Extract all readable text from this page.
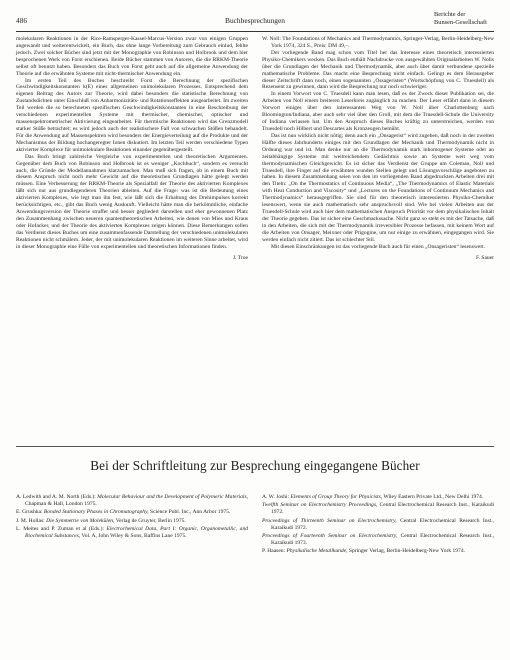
486	Buchbesprechungen
Berichte der
Bunsen-Gesellschaft

molekularen Reaktionen in der Rice-Ramsperger-Kassel-Marcus-Version zwar von einigen Gruppen angewandt und weiterentwickelt, ein Buch, das ohne lange Vorbereitung zum Gebrauch einlud, fehlte jedoch. Zwei solcher Bücher sind jetzt mit der Monographie von Robinson und Holbrook und dem hier besprochenen Werk von Forst erschienen. Beide Bücher stammen von Autoren, die die RRKM-Theorie selbst oft benutzt haben. Besonders das Buch von Forst geht auch auf die allgemeine Anwendung der Theorie auf die erwähnten Systeme mit nicht-thermischer Anwendung ein.

Im ersten Teil des Buches beschreibt Forst die Berechnung der spezifischen Geschwindigkeitskonstanten k(E) eines allgemeinen unimolekularen Prozesses. Entsprechend dem eigenen Beitrag des Autors zur Theorie, wird dabei besonders die statistische Berechnung von Zustandsdichten unter Einschluß von Anharmonizitäts- und Rotationseffekten ausgearbeitet. Im zweiten Teil werden die so berechneten spezifischen Geschwindigkeitskonstanten in eine Beschreibung der verschiedenen experimentellen Systeme mit thermischer, chemischer, optischer und massenspektrometrischer Aktivierung eingearbeitet. Für thermische Reaktionen wird das Grenzmodell starker Stöße betrachtet; es wird jedoch auch der realistischere Fall von schwachen Stößen behandelt. Für die Anwendung auf Massenspektren wird besonders der Energieverteilung auf die Produkte und der Mechanismus der Bildung hochangeregter Ionen diskutiert. Im letzten Teil werden verschiedene Typen aktivierter Komplexe für unimolekulare Reaktionen einander gegenübergestellt.

Das Buch bringt zahlreiche Vergleiche von experimentellen und theoretischen Argumenten. Gegenüber dem Buch von Robinson und Holbrook ist es weniger „Kochbuch“, sondern es versucht auch, die Gründe der Modellannahmen klarzumachen. Man muß sich fragen, ob in einem Buch mit diesem Anspruch nicht noch mehr Gewicht auf die theoretischen Grundlagen hätte gelegt werden müssen. Eine Verbesserung der RRKM-Theorie als Spezialfall der Theorie des aktivierten Komplexes läßt sich nur aus grundlegenderen Theorien ableiten. Auf die Frage: was ist die Bedeutung eines aktivierten Komplexes, wie legt man ihn fest, wie läßt sich die Erhaltung des Drehimpulses korrekt berücksichtigen, etc., gibt das Buch wenig Auskunft. Vielleicht hätte man die herkömmliche, einfache Anwendungsversion der Theorie straffer und besser gegliedert darstellen und eher gewonnenen Platz den Zusammenhang zwischen neueren quantentheoretischen Arbeiten, wie denen von Mies und Kraus oder Hofacker, und der Theorie des aktivierten Komplexes zeigen können. Diese Bemerkungen sollen das Verdienst dieses Buches um eine zusammenfassende Darstellung der verschiedenen unimolekularen Reaktionen nicht schmälern. Jeder, der mit unimolekularen Reaktionen im weiteren Sinne arbeitet, wird in dieser Monographie eine Fülle von experimentellen und theoretischen Informationen finden.

J. Troe

W. Noll: The Foundations of Mechanics and Thermodynamics, Springer-Verlag, Berlin-Heidelberg-New York 1974, 324 S., Preis: DM 49,–.

Der vorliegende Band mag schon vom Titel her das Interesse eines theoretisch interessierten Physiko-Chemikers wecken. Das Buch enthält Nachdrucke von ausgewählten Originalarbeiten W. Nolls über die Grundlagen der Mechanik und Thermodynamik, aber auch über damit verbundene spezielle mathematische Probleme. Das macht eine Besprechung nicht einfach. Gelingt es dem Herausgeber dieser Zeitschrift dann noch, einen sogenannten „Ossageristen“ (Wortschöpfung von C. Truesdell) als Rezensent zu gewinnen, dann wird die Besprechung nur noch schwieriger.

In einem Vorwort von C. Truesdell kann man lesen, daß es der Zweck dieser Publikation sei, die Arbeiten von Noll einem breiteren Leserkreis zugänglich zu machen. Der Leser erfährt dann in diesem Vorwort einiges über den interessanten Weg von W. Noll über Charlottenburg nach Bloomington/Indiana, aber auch sehr viel über den Groll, mit dem die Truesdell-Schule die University of Indiana verlassen hat. Um den Anspruch dieses Buches kräftig zu unterstreichen, werden von Truesdell noch Hilbert und Descartes als Kronzeugen bemüht.

Das ist nun wirklich nicht nötig; denn auch ein „Onsagerist“ wird zugeben, daß noch in der zweiten Hälfte dieses Jahrhunderts einiges mit den Grundlagen der Mechanik und Thermodynamik nicht in Ordnung war und ist. Man denke nur an die Thermodynamik stark inhomogener Systeme oder an zeitabhängige Systeme mit weitreichendem Gedächtnis sowie an Systeme weit weg vom thermodynamischen Gleichgewicht. Es ist sicher das Verdienst der Gruppe um Coleman, Noll und Truesdell, ihre Finger auf die erwähnten wunden Stellen gelegt und Lösungsvorschläge angeboten zu haben. In diesem Zusammenhang seien von den im vorliegenden Band abgedruckten Arbeiten drei mit den Titeln: „On the Thermostatics of Continuous Media“, „The Thermodynamics of Elastic Materials with Heat Conduction and Viscosity“ und „Lectures on the Foundations of Continuum Mechanics and Thermodynamics“ herausgegriffen. Sie sind für den theoretisch interessierten Physiko-Chemiker lesenswert, wenn sie auch mathematisch sehr anspruchsvoll sind. Wie bei vielen Arbeiten aus der Truesdell-Schule wird auch hier dem mathematischen Anspruch Priorität vor dem physikalischen Inhalt der Theorie gegeben. Das ist sicher eine Geschmackssache. Nicht ganz so steht es mit der Tatsache, daß in den Arbeiten, die sich mit der Thermodynamik irreversibler Prozesse befassen, mit keinem Wort auf die Arbeiten von Onsager, Meixner oder Prigogine, um nur einige zu erwähnen, eingegangen wird. Sie werden einfach nicht zitiert. Das ist schlechter Stil.

Mit diesen Einschränkungen ist das vorliegende Buch auch für einen „Onsageristen“ lesenswert.

F. Sauer

Bei der Schriftleitung zur Besprechung eingegangene Bücher

A. Ledwith and A. M. North (Eds.): Molecular Behaviour and the Development of Polymeric Materials, Chapman & Hall, London 1975.

E. Grushka: Bonded Stationary Phases in Chromatography, Science Publ. Inc., Ann Arbor 1975.

J. M. Hollas: Die Symmetrie von Molekülen, Verlag de Gruyter, Berlin 1975.

L. Meites and P. Zuman et al (Eds.): Electrochemical Data, Part I: Organic, Organometallic, and Biochemical Substances, Vol. A, John Wiley & Sons, Baffins Lane 1975.

A. W. Joshi: Elements of Group Theory for Physicists, Wiley Eastern Private Ltd., New Delhi 1974.

Twelfth Seminar on Electrochemistry Proceedings, Central Electrochemical Research Inst., Karaikudi 1972.

Proceedings of Thirteenth Seminar on Electrochemistry, Central Electrochemical Research Inst., Karaikudi 1972.

Proceedings of Fourteenth Seminar on Electrochemistry, Central Electrochemical Research Inst., Karaikudi 1973.

P. Haasen: Physikalische Metallkunde, Springer Verlag, Berlin-Heidelberg-New York 1974.
